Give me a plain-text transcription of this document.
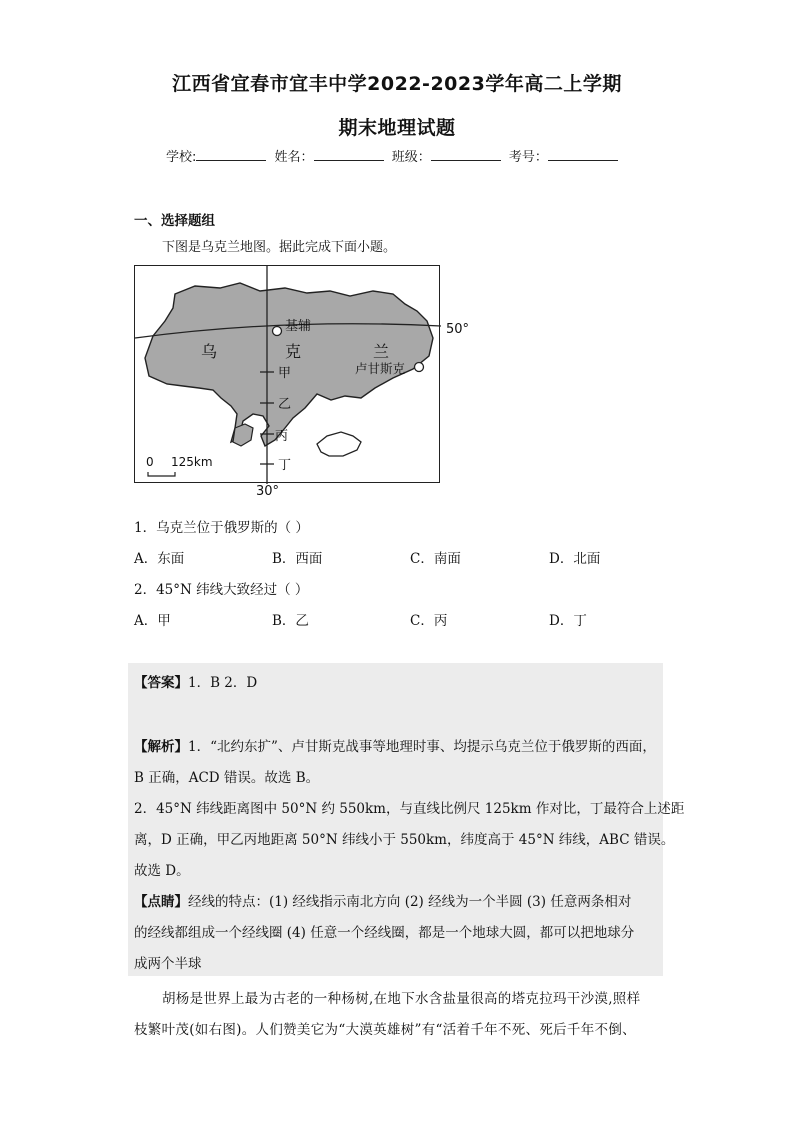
江西省宜春市宜丰中学2022-2023学年高二上学期
期末地理试题
学校:	姓名：	班级：	考号：
一、选择题组
下图是乌克兰地图。据此完成下面小题。
基辅
卢甘斯克
乌	克	兰
甲
乙
丙
丁
0 125km
50°
30°
1．乌克兰位于俄罗斯的（ ）
A．东面	B．西面	C．南面	D．北面
2．45°N 纬线大致经过（ ）
A．甲	B．乙	C．丙	D．丁
【答案】1．B 2．D
【解析】1．“北约东扩”、卢甘斯克战事等地理时事、均提示乌克兰位于俄罗斯的西面，
B 正确，ACD 错误。故选 B。
2．45°N 纬线距离图中 50°N 约 550km，与直线比例尺 125km 作对比，丁最符合上述距
离，D 正确，甲乙丙地距离 50°N 纬线小于 550km，纬度高于 45°N 纬线，ABC 错误。
故选 D。
【点睛】经线的特点：(1) 经线指示南北方向 (2) 经线为一个半圆 (3) 任意两条相对
的经线都组成一个经线圈 (4) 任意一个经线圈，都是一个地球大圆，都可以把地球分
成两个半球
胡杨是世界上最为古老的一种杨树,在地下水含盐量很高的塔克拉玛干沙漠,照样
枝繁叶茂(如右图)。人们赞美它为“大漠英雄树”有“活着千年不死、死后千年不倒、
